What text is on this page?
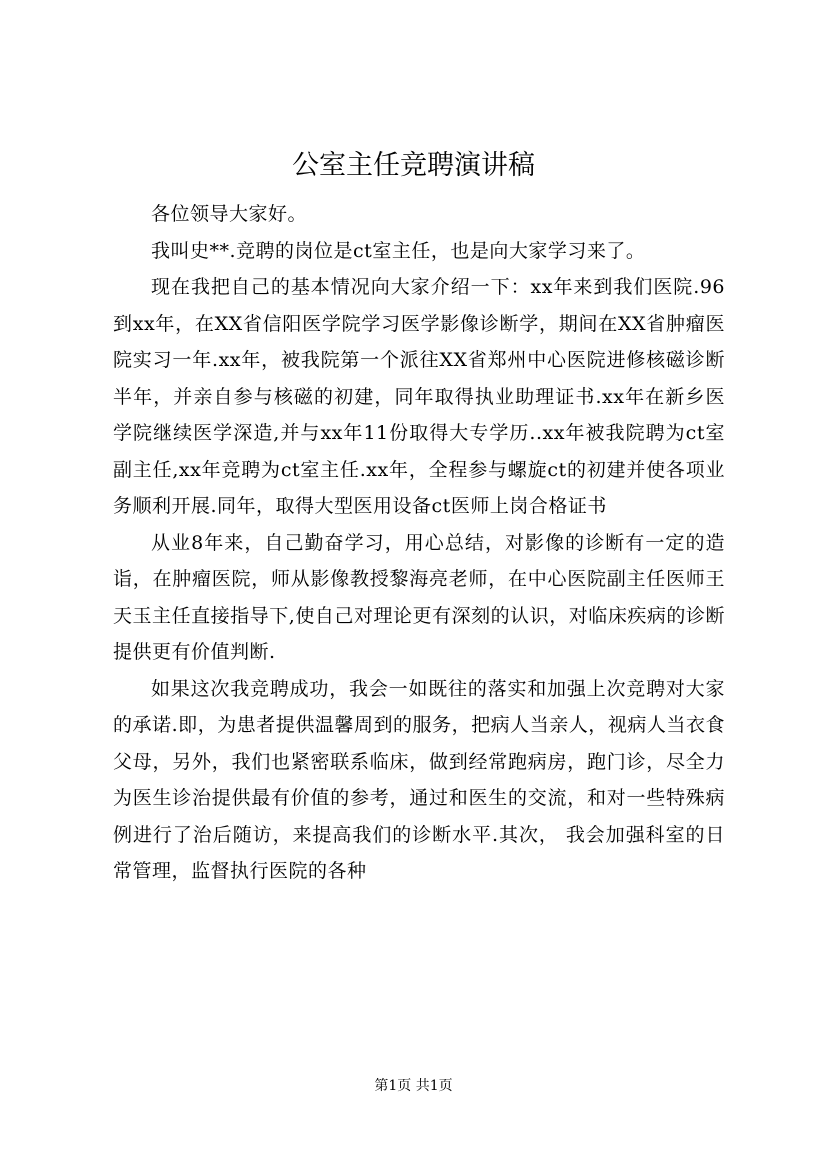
公室主任竞聘演讲稿

各位领导大家好。

我叫史**.竞聘的岗位是ct室主任，也是向大家学习来了。

现在我把自己的基本情况向大家介绍一下：xx年来到我们医院.96到xx年，在XX省信阳医学院学习医学影像诊断学，期间在XX省肿瘤医院实习一年.xx年，被我院第一个派往XX省郑州中心医院进修核磁诊断半年，并亲自参与核磁的初建，同年取得执业助理证书.xx年在新乡医学院继续医学深造,并与xx年11份取得大专学历..xx年被我院聘为ct室副主任,xx年竞聘为ct室主任.xx年，全程参与螺旋ct的初建并使各项业务顺利开展.同年，取得大型医用设备ct医师上岗合格证书

从业8年来，自己勤奋学习，用心总结，对影像的诊断有一定的造诣，在肿瘤医院，师从影像教授黎海亮老师，在中心医院副主任医师王天玉主任直接指导下,使自己对理论更有深刻的认识，对临床疾病的诊断提供更有价值判断.

如果这次我竞聘成功，我会一如既往的落实和加强上次竞聘对大家的承诺.即，为患者提供温馨周到的服务，把病人当亲人，视病人当衣食父母，另外，我们也紧密联系临床，做到经常跑病房，跑门诊，尽全力为医生诊治提供最有价值的参考，通过和医生的交流，和对一些特殊病例进行了治后随访，来提高我们的诊断水平.其次， 我会加强科室的日常管理，监督执行医院的各种

第1页 共1页
